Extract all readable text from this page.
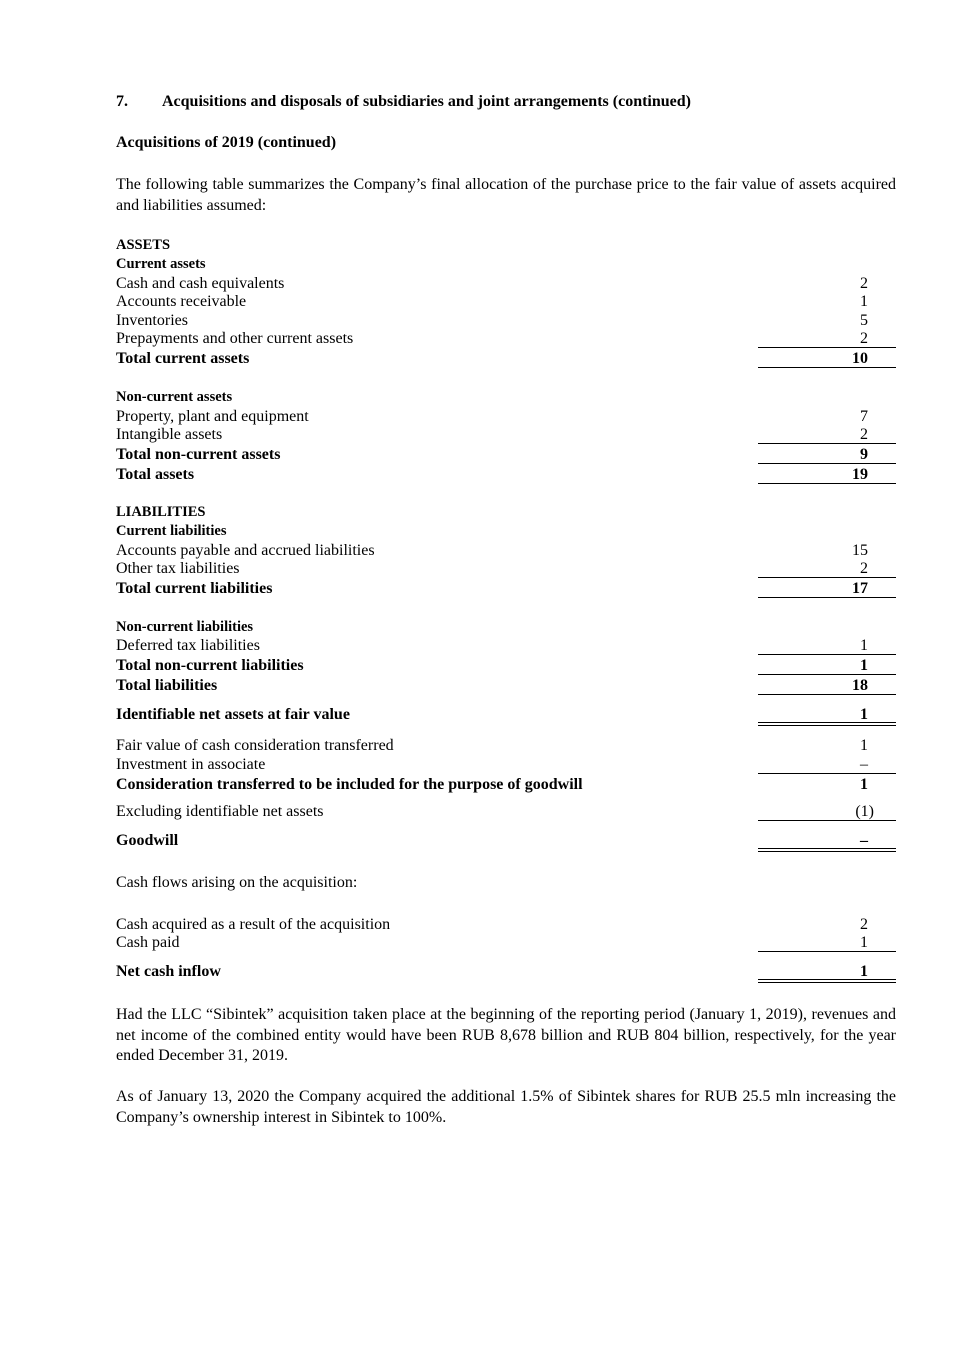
7. Acquisitions and disposals of subsidiaries and joint arrangements (continued)
Acquisitions of 2019 (continued)
The following table summarizes the Company’s final allocation of the purchase price to the fair value of assets acquired and liabilities assumed:
ASSETS
Current assets
Cash and cash equivalents	2
Accounts receivable	1
Inventories	5
Prepayments and other current assets	2
Total current assets	10
Non-current assets
Property, plant and equipment	7
Intangible assets	2
Total non-current assets	9
Total assets	19
LIABILITIES
Current liabilities
Accounts payable and accrued liabilities	15
Other tax liabilities	2
Total current liabilities	17
Non-current liabilities
Deferred tax liabilities	1
Total non-current liabilities	1
Total liabilities	18
Identifiable net assets at fair value	1
Fair value of cash consideration transferred	1
Investment in associate	–
Consideration transferred to be included for the purpose of goodwill	1
Excluding identifiable net assets	(1)
Goodwill	–
Cash flows arising on the acquisition:
Cash acquired as a result of the acquisition	2
Cash paid	1
Net cash inflow	1
Had the LLC “Sibintek” acquisition taken place at the beginning of the reporting period (January 1, 2019), revenues and net income of the combined entity would have been RUB 8,678 billion and RUB 804 billion, respectively, for the year ended December 31, 2019.
As of January 13, 2020 the Company acquired the additional 1.5% of Sibintek shares for RUB 25.5 mln increasing the Company’s ownership interest in Sibintek to 100%.
